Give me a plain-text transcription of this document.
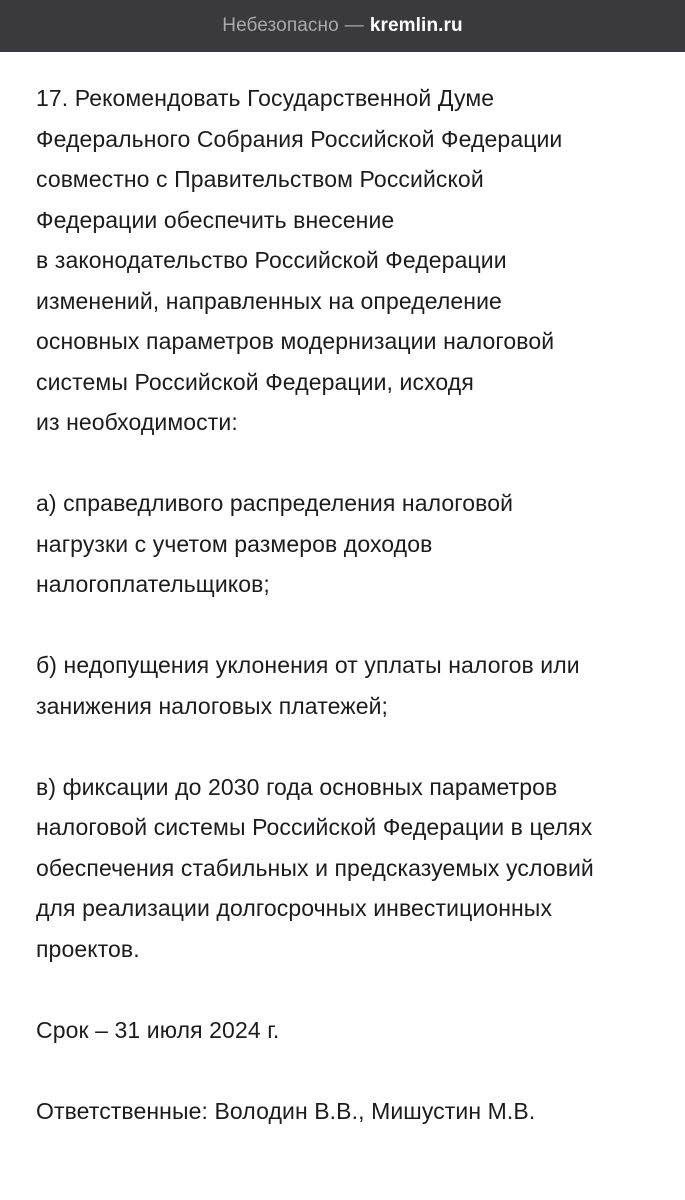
Небезопасно — kremlin.ru

17. Рекомендовать Государственной Думе
Федерального Собрания Российской Федерации
совместно с Правительством Российской
Федерации обеспечить внесение
в законодательство Российской Федерации
изменений, направленных на определение
основных параметров модернизации налоговой
системы Российской Федерации, исходя
из необходимости:

а) справедливого распределения налоговой
нагрузки с учетом размеров доходов
налогоплательщиков;

б) недопущения уклонения от уплаты налогов или
занижения налоговых платежей;

в) фиксации до 2030 года основных параметров
налоговой системы Российской Федерации в целях
обеспечения стабильных и предсказуемых условий
для реализации долгосрочных инвестиционных
проектов.

Срок – 31 июля 2024 г.

Ответственные: Володин В.В., Мишустин М.В.
